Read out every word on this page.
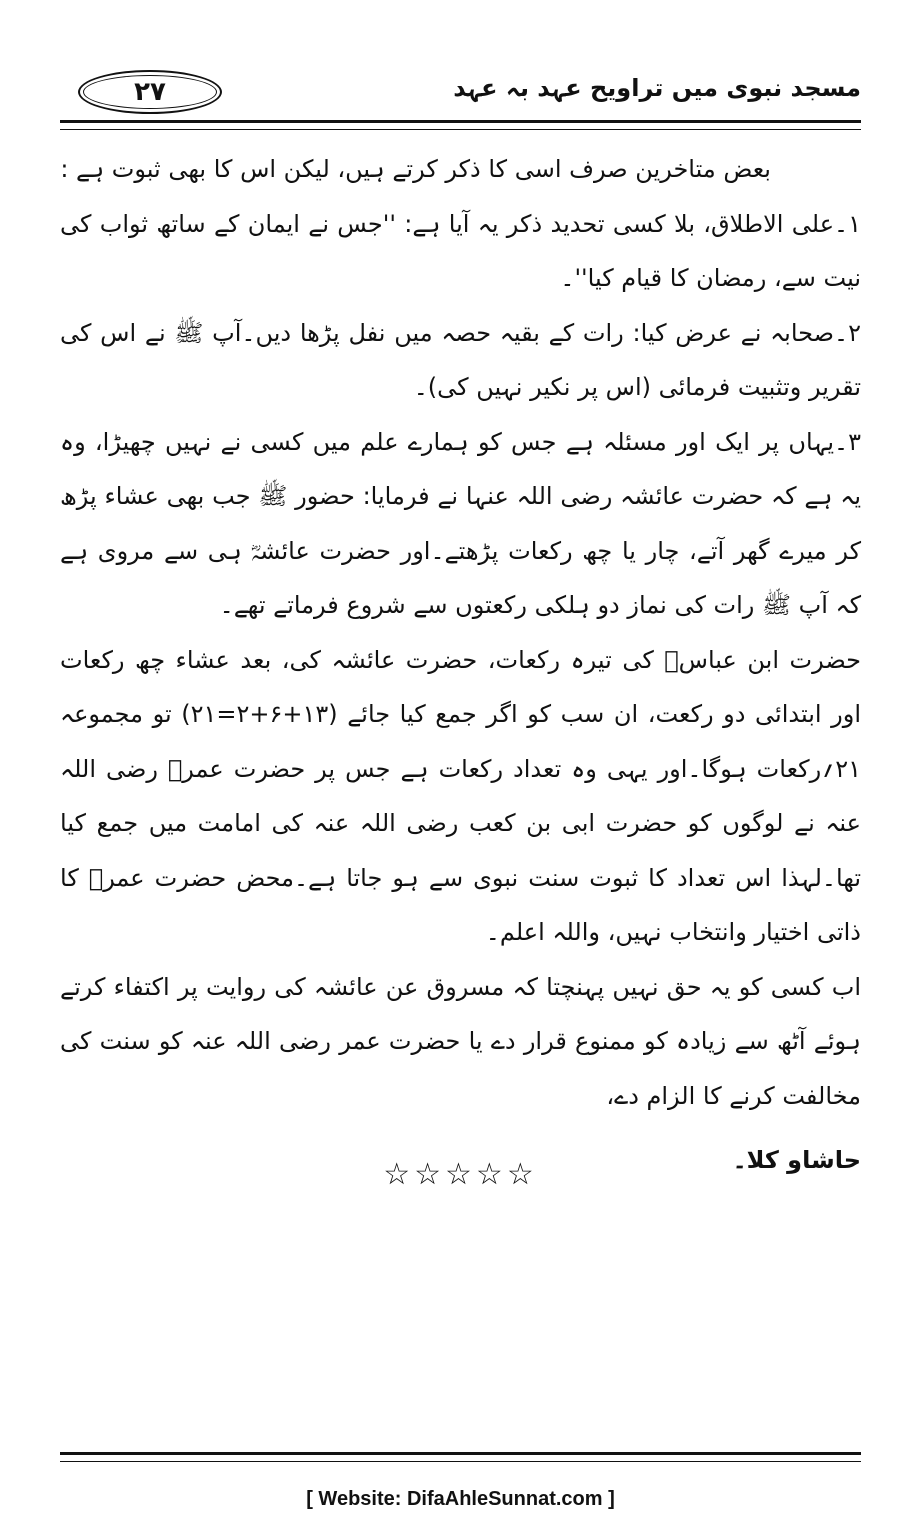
۲۷	مسجد نبوی میں تراویح عہد بہ عہد

بعض متاخرین صرف اسی کا ذکر کرتے ہیں، لیکن اس کا بھی ثبوت ہے :

۱۔علی الاطلاق، بلا کسی تحدید ذکر یہ آیا ہے: ''جس نے ایمان کے ساتھ ثواب کی نیت سے، رمضان کا قیام کیا''۔

۲۔صحابہ نے عرض کیا: رات کے بقیہ حصہ میں نفل پڑھا دیں۔آپ ﷺ نے اس کی تقریر وتثبیت فرمائی (اس پر نکیر نہیں کی)۔

۳۔یہاں پر ایک اور مسئلہ ہے جس کو ہمارے علم میں کسی نے نہیں چھیڑا، وہ یہ ہے کہ حضرت عائشہ رضی اللہ عنہا نے فرمایا: حضور ﷺ جب بھی عشاء پڑھ کر میرے گھر آتے، چار یا چھ رکعات پڑھتے۔اور حضرت عائشہؓ ہی سے مروی ہے کہ آپ ﷺ رات کی نماز دو ہلکی رکعتوں سے شروع فرماتے تھے۔

حضرت ابن عباسؓ کی تیرہ رکعات، حضرت عائشہ کی، بعد عشاء چھ رکعات اور ابتدائی دو رکعت، ان سب کو اگر جمع کیا جائے (۱۳+۶+۲=۲۱) تو مجموعہ ۲۱؍رکعات ہوگا۔اور یہی وہ تعداد رکعات ہے جس پر حضرت عمرؓ رضی اللہ عنہ نے لوگوں کو حضرت ابی بن کعب رضی اللہ عنہ کی امامت میں جمع کیا تھا۔لہذا اس تعداد کا ثبوت سنت نبوی سے ہو جاتا ہے۔محض حضرت عمرؓ کا ذاتی اختیار وانتخاب نہیں، واللہ اعلم۔

اب کسی کو یہ حق نہیں پہنچتا کہ مسروق عن عائشہ کی روایت پر اکتفاء کرتے ہوئے آٹھ سے زیادہ کو ممنوع قرار دے یا حضرت عمر رضی اللہ عنہ کو سنت کی مخالفت کرنے کا الزام دے،

حاشاو کلا۔

☆☆☆☆☆
[ Website: DifaAhleSunnat.com ]
